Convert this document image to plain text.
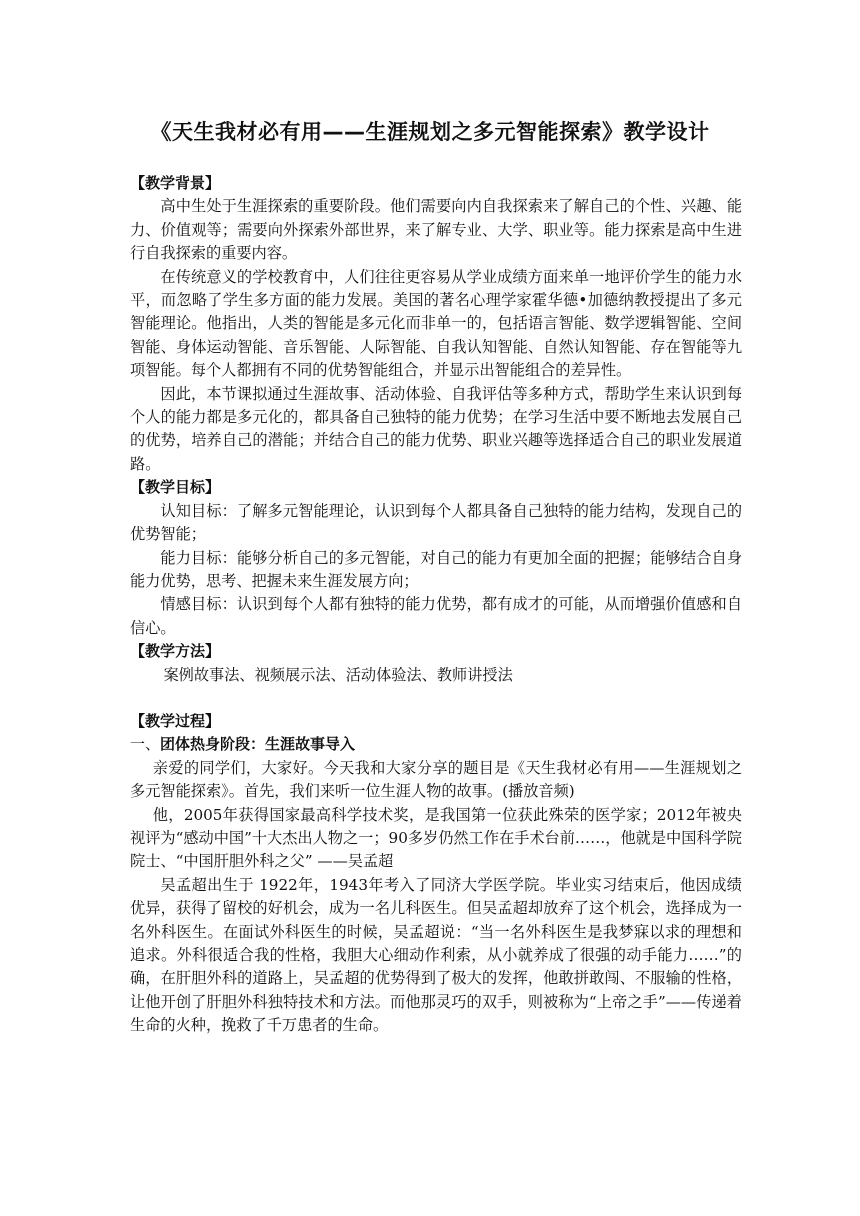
《天生我材必有用——生涯规划之多元智能探索》教学设计

【教学背景】

高中生处于生涯探索的重要阶段。他们需要向内自我探索来了解自己的个性、兴趣、能力、价值观等；需要向外探索外部世界，来了解专业、大学、职业等。能力探索是高中生进行自我探索的重要内容。

在传统意义的学校教育中，人们往往更容易从学业成绩方面来单一地评价学生的能力水平，而忽略了学生多方面的能力发展。美国的著名心理学家霍华德•加德纳教授提出了多元智能理论。他指出，人类的智能是多元化而非单一的，包括语言智能、数学逻辑智能、空间智能、身体运动智能、音乐智能、人际智能、自我认知智能、自然认知智能、存在智能等九项智能。每个人都拥有不同的优势智能组合，并显示出智能组合的差异性。

因此，本节课拟通过生涯故事、活动体验、自我评估等多种方式，帮助学生来认识到每个人的能力都是多元化的，都具备自己独特的能力优势；在学习生活中要不断地去发展自己的优势，培养自己的潜能；并结合自己的能力优势、职业兴趣等选择适合自己的职业发展道路。

【教学目标】

认知目标：了解多元智能理论，认识到每个人都具备自己独特的能力结构，发现自己的优势智能；

能力目标：能够分析自己的多元智能，对自己的能力有更加全面的把握；能够结合自身能力优势，思考、把握未来生涯发展方向；

情感目标：认识到每个人都有独特的能力优势，都有成才的可能，从而增强价值感和自信心。

【教学方法】

案例故事法、视频展示法、活动体验法、教师讲授法

【教学过程】

一、团体热身阶段：生涯故事导入

亲爱的同学们，大家好。今天我和大家分享的题目是《天生我材必有用——生涯规划之多元智能探索》。首先，我们来听一位生涯人物的故事。(播放音频)

他，2005年获得国家最高科学技术奖，是我国第一位获此殊荣的医学家；2012年被央视评为“感动中国”十大杰出人物之一；90多岁仍然工作在手术台前……，他就是中国科学院院士、“中国肝胆外科之父” ——吴孟超

吴孟超出生于 1922年，1943年考入了同济大学医学院。毕业实习结束后，他因成绩优异，获得了留校的好机会，成为一名儿科医生。但吴孟超却放弃了这个机会，选择成为一名外科医生。在面试外科医生的时候，吴孟超说：“当一名外科医生是我梦寐以求的理想和追求。外科很适合我的性格，我胆大心细动作利索，从小就养成了很强的动手能力……”的确，在肝胆外科的道路上，吴孟超的优势得到了极大的发挥，他敢拼敢闯、不服输的性格，让他开创了肝胆外科独特技术和方法。而他那灵巧的双手，则被称为“上帝之手”——传递着生命的火种，挽救了千万患者的生命。
